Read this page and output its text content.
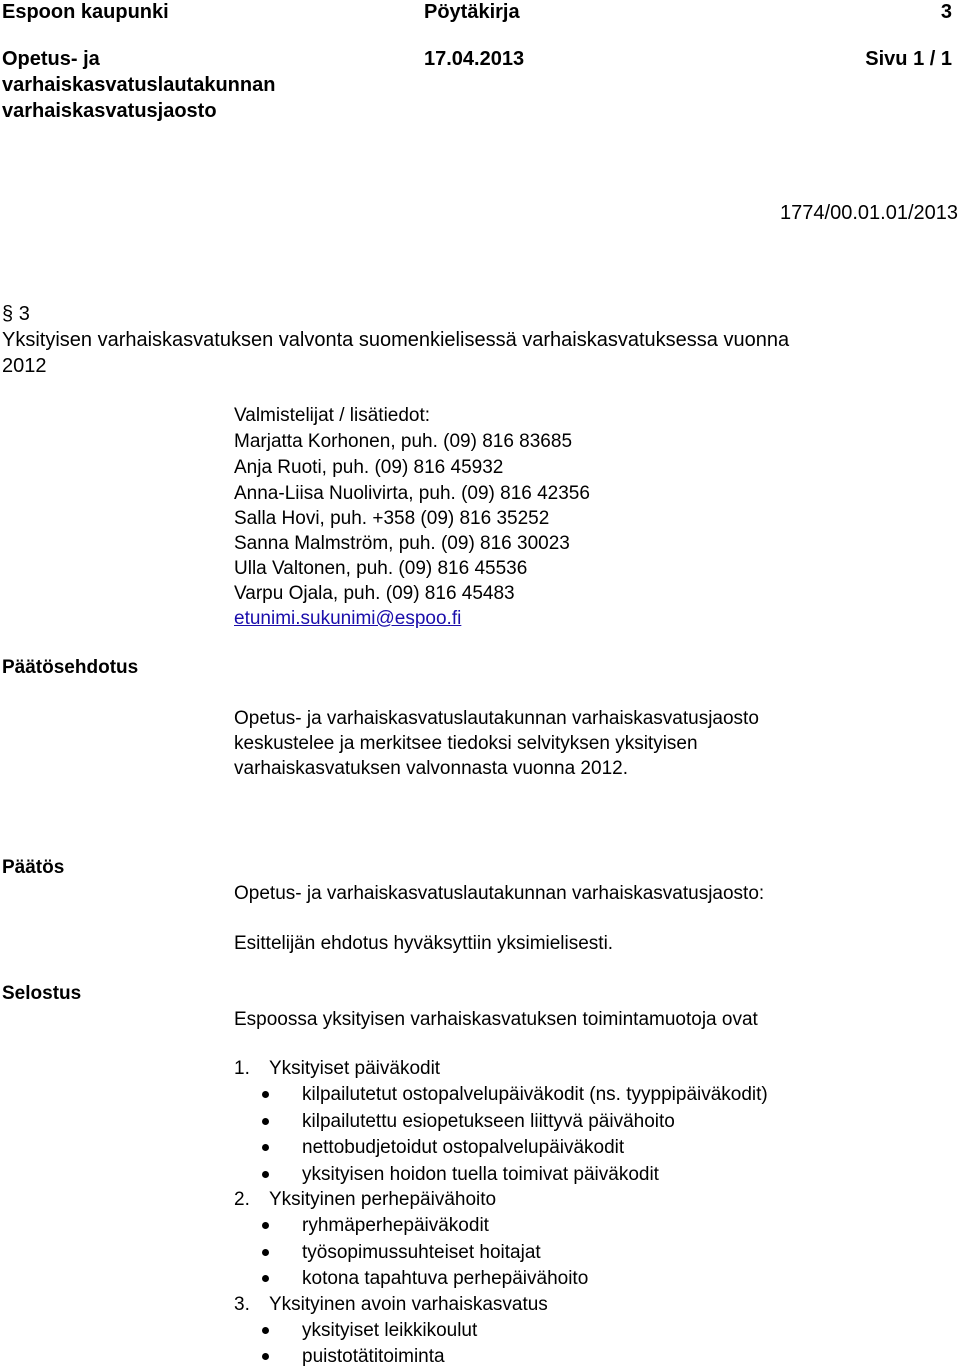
Espoon kaupunki	Pöytäkirja	3
Opetus- ja
varhaiskasvatuslautakunnan
varhaiskasvatusjaosto
17.04.2013	Sivu 1 / 1
1774/00.01.01/2013
§ 3
Yksityisen varhaiskasvatuksen valvonta suomenkielisessä varhaiskasvatuksessa vuonna
2012
Valmistelijat / lisätiedot:
Marjatta Korhonen, puh. (09) 816 83685
Anja Ruoti, puh. (09) 816 45932
Anna-Liisa Nuolivirta, puh. (09) 816 42356
Salla Hovi, puh. +358 (09) 816 35252
Sanna Malmström, puh. (09) 816 30023
Ulla Valtonen, puh. (09) 816 45536
Varpu Ojala, puh. (09) 816 45483
etunimi.sukunimi@espoo.fi
Päätösehdotus
Opetus- ja varhaiskasvatuslautakunnan varhaiskasvatusjaosto
keskustelee ja merkitsee tiedoksi selvityksen yksityisen
varhaiskasvatuksen valvonnasta vuonna 2012.
Päätös
Opetus- ja varhaiskasvatuslautakunnan varhaiskasvatusjaosto:
Esittelijän ehdotus hyväksyttiin yksimielisesti.
Selostus
Espoossa yksityisen varhaiskasvatuksen toimintamuotoja ovat
1. Yksityiset päiväkodit
kilpailutetut ostopalvelupäiväkodit (ns. tyyppipäiväkodit)
kilpailutettu esiopetukseen liittyvä päivähoito
nettobudjetoidut ostopalvelupäiväkodit
yksityisen hoidon tuella toimivat päiväkodit
2. Yksityinen perhepäivähoito
ryhmäperhepäiväkodit
työsopimussuhteiset hoitajat
kotona tapahtuva perhepäivähoito
3. Yksityinen avoin varhaiskasvatus
yksityiset leikkikoulut
puistotätitoiminta
